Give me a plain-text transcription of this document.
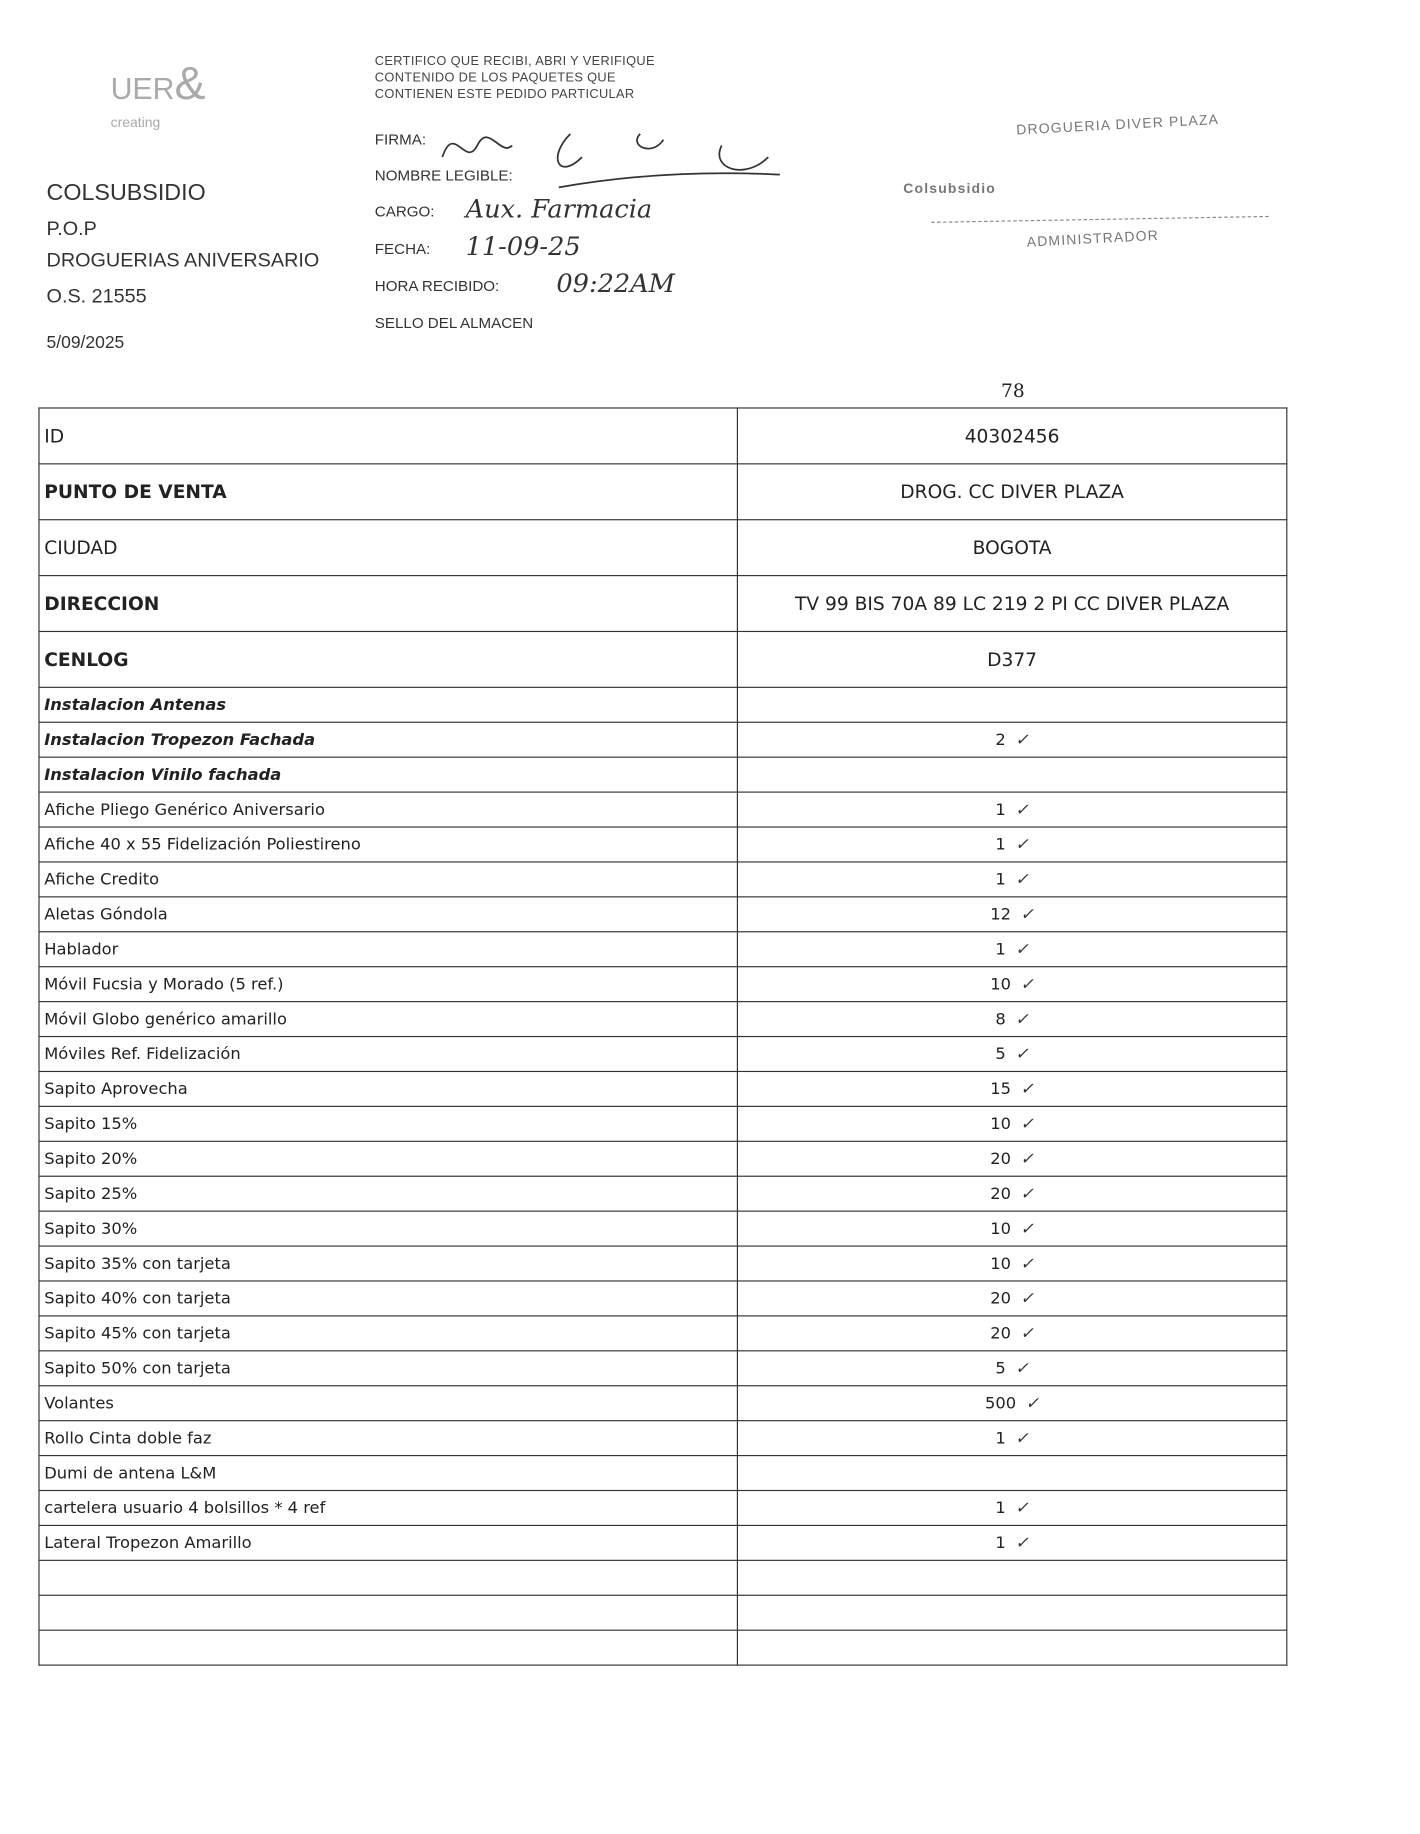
UER&
creating
COLSUBSIDIO
P.O.P
DROGUERIAS ANIVERSARIO
O.S. 21555
5/09/2025
CERTIFICO QUE RECIBI, ABRI Y VERIFIQUE
CONTENIDO DE LOS PAQUETES QUE
CONTIENEN ESTE PEDIDO PARTICULAR
FIRMA:
NOMBRE LEGIBLE:
CARGO: Aux. Farmacia
FECHA: 11-09-25
HORA RECIBIDO:	09:22AM
SELLO DEL ALMACEN
DROGUERIA DIVER PLAZA
Colsubsidio
ADMINISTRADOR
78
ID	40302456
PUNTO DE VENTA	DROG. CC DIVER PLAZA
CIUDAD	BOGOTA
DIRECCION	TV 99 BIS 70A 89 LC 219 2 PI CC DIVER PLAZA
CENLOG	D377
Instalacion Antenas	
Instalacion Tropezon Fachada	2 ✓
Instalacion Vinilo fachada	
Afiche Pliego Genérico Aniversario	1 ✓
Afiche 40 x 55 Fidelización Poliestireno	1 ✓
Afiche Credito	1 ✓
Aletas Góndola	12 ✓
Hablador	1 ✓
Móvil Fucsia y Morado (5 ref.)	10 ✓
Móvil Globo genérico amarillo	8 ✓
Móviles Ref. Fidelización	5 ✓
Sapito Aprovecha	15 ✓
Sapito 15%	10 ✓
Sapito 20%	20 ✓
Sapito 25%	20 ✓
Sapito 30%	10 ✓
Sapito 35% con tarjeta	10 ✓
Sapito 40% con tarjeta	20 ✓
Sapito 45% con tarjeta	20 ✓
Sapito 50% con tarjeta	5 ✓
Volantes	500 ✓
Rollo Cinta doble faz	1 ✓
Dumi de antena L&M	
cartelera usuario 4 bolsillos * 4 ref	1 ✓
Lateral Tropezon Amarillo	1 ✓
